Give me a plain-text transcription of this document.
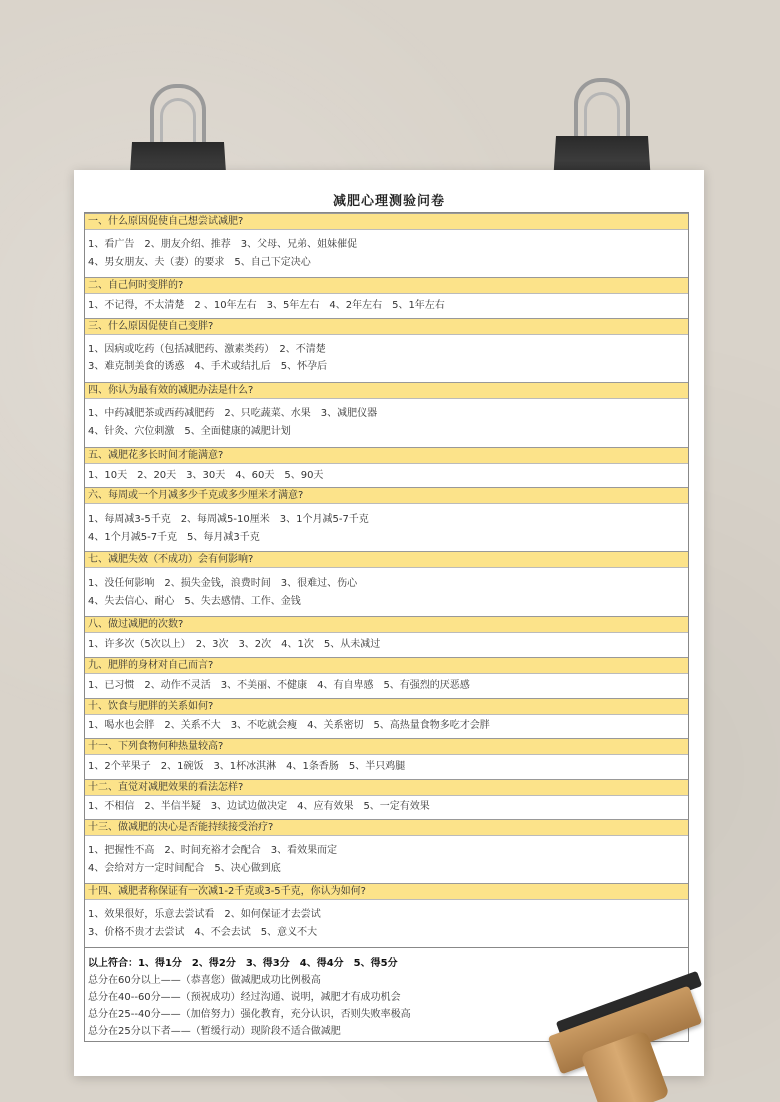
减肥心理测验问卷
一、什么原因促使自己想尝试减肥?
1、看广告　2、朋友介绍、推荐　3、父母、兄弟、姐妹催促
4、男女朋友、夫（妻）的要求　5、自己下定决心
二、自己何时变胖的?
1、不记得，不太清楚　2 、10年左右　3、5年左右　4、2年左右　5、1年左右
三、什么原因促使自己变胖?
1、因病或吃药（包括减肥药、激素类药）　2、不清楚
3、难克制美食的诱惑　4、手术或结扎后　5、怀孕后
四、你认为最有效的减肥办法是什么?
1、中药减肥茶或西药减肥药　2、只吃蔬菜、水果　3、减肥仪器
4、针灸、穴位刺激　5、全面健康的减肥计划
五、减肥花多长时间才能满意?
1、10天　2、20天　3、30天　4、60天　5、90天
六、每周或一个月减多少千克或多少厘米才满意?
1、每周减3-5千克　2、每周减5-10厘米　3、1个月减5-7千克
4、1个月减5-7千克　5、每月减3千克
七、减肥失效（不成功）会有何影响?
1、没任何影响　2、损失金钱，浪费时间　3、很难过、伤心
4、失去信心、耐心　5、失去感情、工作、金钱
八、做过减肥的次数?
1、许多次（5次以上）　2、3次　3、2次　4、1次　5、从未减过
九、肥胖的身材对自己而言?
1、已习惯　2、动作不灵活　3、不美丽、不健康　4、有自卑感　5、有强烈的厌恶感
十、饮食与肥胖的关系如何?
1、喝水也会胖　2、关系不大　3、不吃就会瘦　4、关系密切　5、高热量食物多吃才会胖
十一、下列食物何种热量较高?
1、2个苹果子　2、1碗饭　3、1杯冰淇淋　4、1条香肠　5、半只鸡腿
十二、直觉对减肥效果的看法怎样?
1、不相信　2、半信半疑　3、边试边做决定　4、应有效果　5、一定有效果
十三、做减肥的决心是否能持续接受治疗?
1、把握性不高　2、时间充裕才会配合　3、看效果而定
4、会给对方一定时间配合　5、决心做到底
十四、减肥者称保证有一次减1-2千克或3-5千克，你认为如何?
1、效果很好，乐意去尝试看　2、如何保证才去尝试
3、价格不贵才去尝试　4、不会去试　5、意义不大
以上符合：1、得1分　2、得2分　3、得3分　4、得4分　5、得5分
总分在60分以上——（恭喜您）做减肥成功比例极高
总分在40--60分——（预祝成功）经过沟通、说明，减肥才有成功机会
总分在25--40分——（加倍努力）强化教育，充分认识，否则失败率极高
总分在25分以下者——（暂缓行动）现阶段不适合做减肥
